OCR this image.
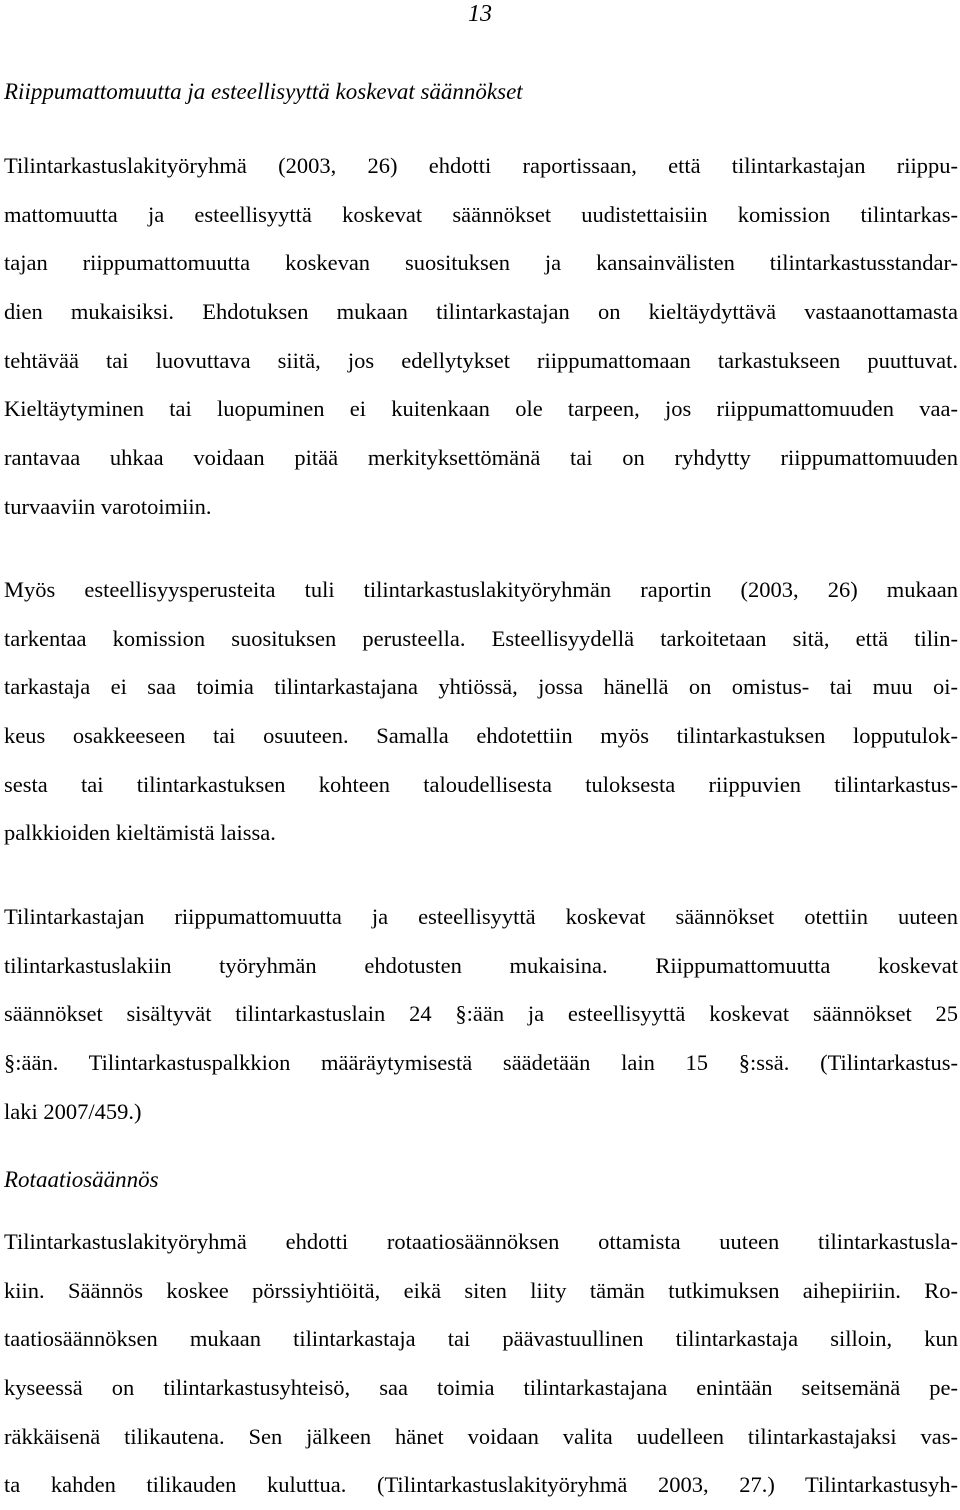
13
Riippumattomuutta ja esteellisyyttä koskevat säännökset
Tilintarkastuslakityöryhmä (2003, 26) ehdotti raportissaan, että tilintarkastajan riippu-
mattomuutta ja esteellisyyttä koskevat säännökset uudistettaisiin komission tilintarkas-
tajan riippumattomuutta koskevan suosituksen ja kansainvälisten tilintarkastusstandar-
dien mukaisiksi. Ehdotuksen mukaan tilintarkastajan on kieltäydyttävä vastaanottamasta
tehtävää tai luovuttava siitä, jos edellytykset riippumattomaan tarkastukseen puuttuvat.
Kieltäytyminen tai luopuminen ei kuitenkaan ole tarpeen, jos riippumattomuuden vaa-
rantavaa uhkaa voidaan pitää merkityksettömänä tai on ryhdytty riippumattomuuden
turvaaviin varotoimiin.
Myös esteellisyysperusteita tuli tilintarkastuslakityöryhmän raportin (2003, 26) mukaan
tarkentaa komission suosituksen perusteella. Esteellisyydellä tarkoitetaan sitä, että tilin-
tarkastaja ei saa toimia tilintarkastajana yhtiössä, jossa hänellä on omistus- tai muu oi-
keus osakkeeseen tai osuuteen. Samalla ehdotettiin myös tilintarkastuksen lopputulok-
sesta tai tilintarkastuksen kohteen taloudellisesta tuloksesta riippuvien tilintarkastus-
palkkioiden kieltämistä laissa.
Tilintarkastajan riippumattomuutta ja esteellisyyttä koskevat säännökset otettiin uuteen
tilintarkastuslakiin työryhmän ehdotusten mukaisina. Riippumattomuutta koskevat
säännökset sisältyvät tilintarkastuslain 24 §:ään ja esteellisyyttä koskevat säännökset 25
§:ään. Tilintarkastuspalkkion määräytymisestä säädetään lain 15 §:ssä. (Tilintarkastus-
laki 2007/459.)
Rotaatiosäännös
Tilintarkastuslakityöryhmä ehdotti rotaatiosäännöksen ottamista uuteen tilintarkastusla-
kiin. Säännös koskee pörssiyhtiöitä, eikä siten liity tämän tutkimuksen aihepiiriin. Ro-
taatiosäännöksen mukaan tilintarkastaja tai päävastuullinen tilintarkastaja silloin, kun
kyseessä on tilintarkastusyhteisö, saa toimia tilintarkastajana enintään seitsemänä pe-
räkkäisenä tilikautena. Sen jälkeen hänet voidaan valita uudelleen tilintarkastajaksi vas-
ta kahden tilikauden kuluttua. (Tilintarkastuslakityöryhmä 2003, 27.) Tilintarkastusyh-
